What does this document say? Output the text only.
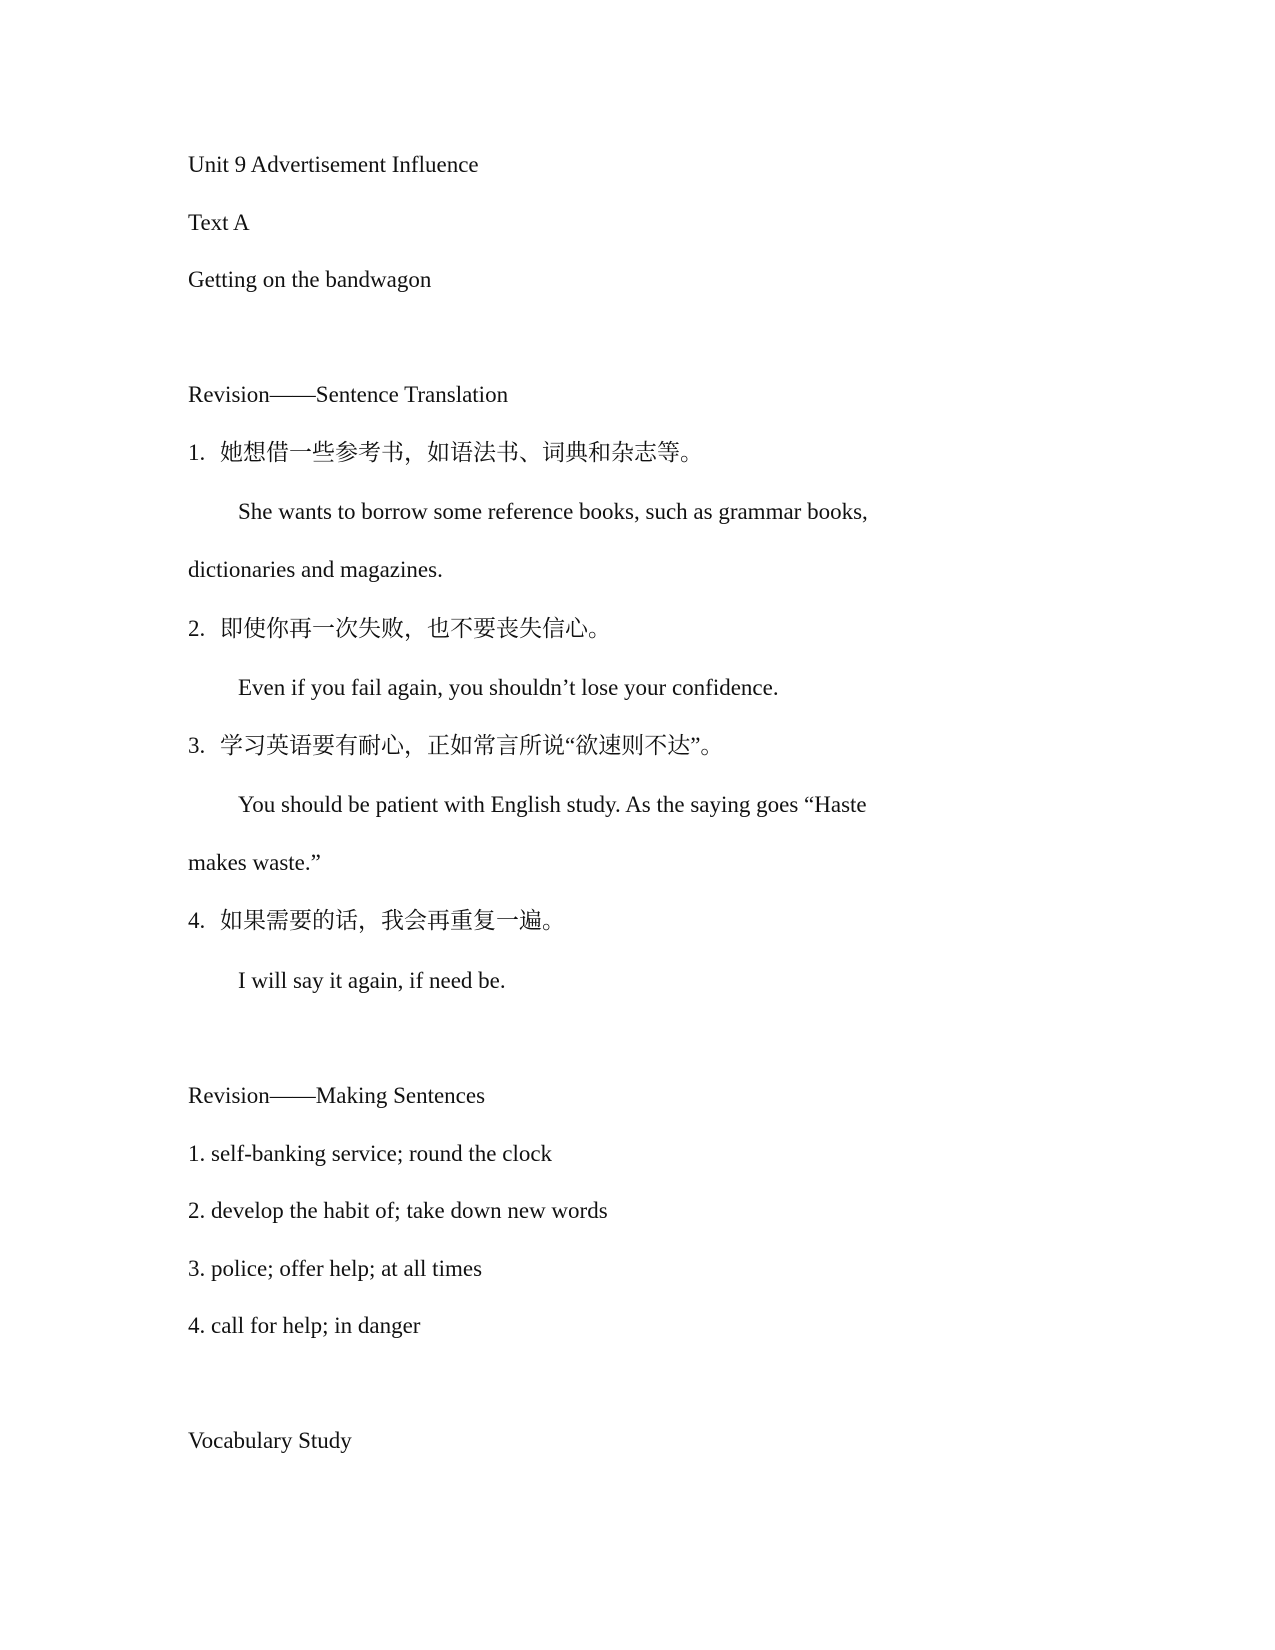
Unit 9 Advertisement Influence
Text A
Getting on the bandwagon
Revision——Sentence Translation
1. 她想借一些参考书，如语法书、词典和杂志等。
She wants to borrow some reference books, such as grammar books,
dictionaries and magazines.
2. 即使你再一次失败，也不要丧失信心。
Even if you fail again, you shouldn’t lose your confidence.
3. 学习英语要有耐心，正如常言所说“欲速则不达”。
You should be patient with English study. As the saying goes “Haste
makes waste.”
4. 如果需要的话，我会再重复一遍。
I will say it again, if need be.
Revision——Making Sentences
1. self-banking service; round the clock
2. develop the habit of; take down new words
3. police; offer help; at all times
4. call for help; in danger
Vocabulary Study
